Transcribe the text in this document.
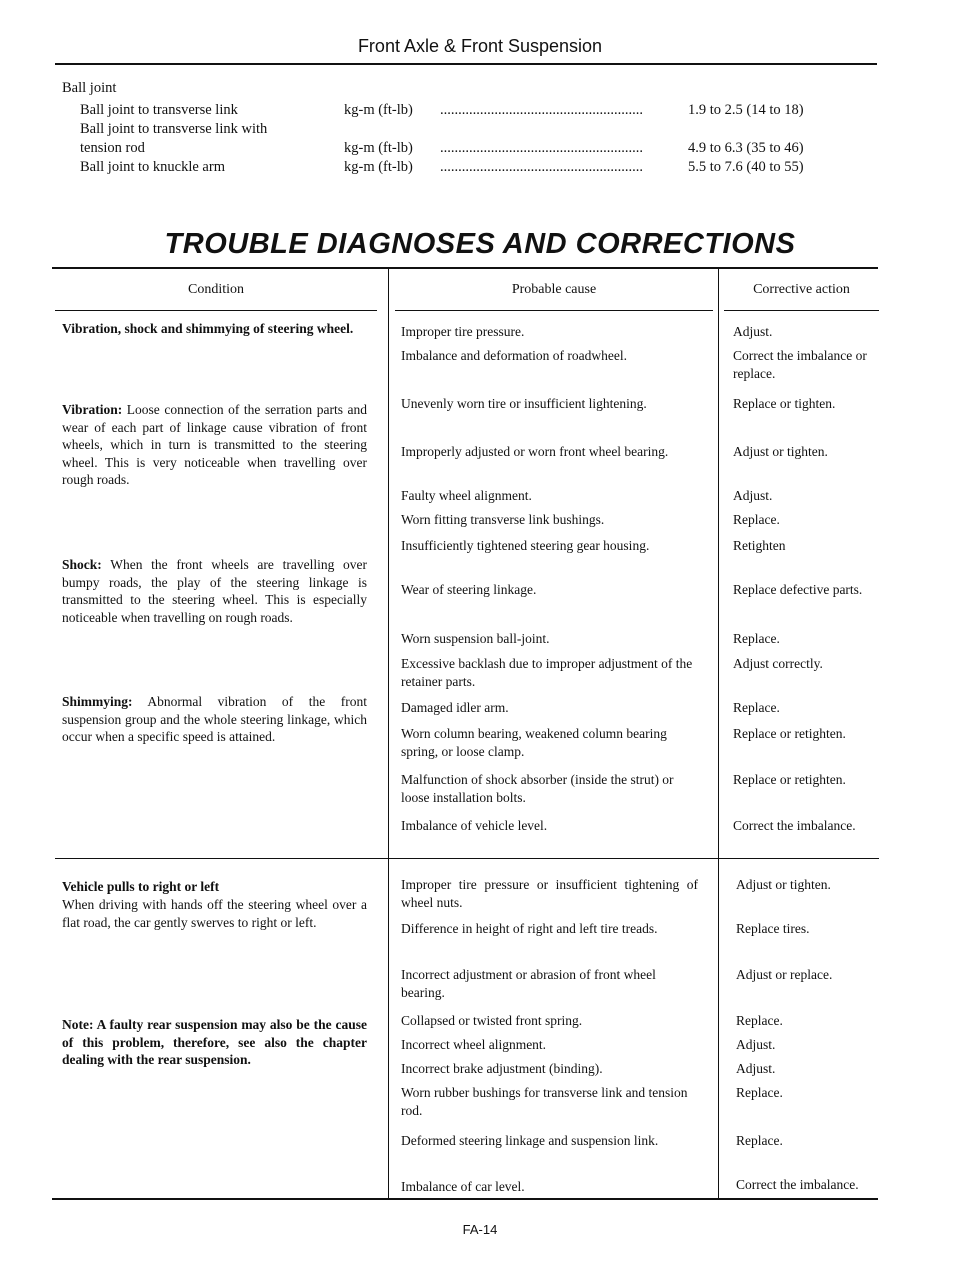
Front Axle & Front Suspension
Ball joint
Ball joint to transverse link
Ball joint to transverse link with
tension rod
Ball joint to knuckle arm
kg-m (ft-lb)
kg-m (ft-lb)
kg-m (ft-lb)
........................................................
........................................................
........................................................
1.9 to 2.5 (14 to 18)
4.9 to 6.3 (35 to 46)
5.5 to 7.6 (40 to 55)
TROUBLE DIAGNOSES AND CORRECTIONS
Condition	Probable cause	Corrective action
Vibration, shock and shimmying of steering wheel.
Vibration: Loose connection of the serration parts and wear of each part of linkage cause vibration of front wheels, which in turn is transmitted to the steering wheel. This is very noticeable when travelling over rough roads.
Shock: When the front wheels are travelling over bumpy roads, the play of the steering linkage is transmitted to the steering wheel. This is especially noticeable when travelling on rough roads.
Shimmying: Abnormal vibration of the front suspension group and the whole steering linkage, which occur when a specific speed is attained.
Improper tire pressure.
Imbalance and deformation of roadwheel.
Unevenly worn tire or insufficient lightening.
Improperly adjusted or worn front wheel bearing.
Faulty wheel alignment.
Worn fitting transverse link bushings.
Insufficiently tightened steering gear housing.
Wear of steering linkage.
Worn suspension ball-joint.
Excessive backlash due to improper adjustment of the retainer parts.
Damaged idler arm.
Worn column bearing, weakened column bearing spring, or loose clamp.
Malfunction of shock absorber (inside the strut) or loose installation bolts.
Imbalance of vehicle level.
Adjust.
Correct the imbalance or replace.
Replace or tighten.
Adjust or tighten.
Adjust.
Replace.
Retighten
Replace defective parts.
Replace.
Adjust correctly.
Replace.
Replace or retighten.
Replace or retighten.
Correct the imbalance.
Vehicle pulls to right or left
When driving with hands off the steering wheel over a flat road, the car gently swerves to right or left.
Note: A faulty rear suspension may also be the cause of this problem, therefore, see also the chapter dealing with the rear suspension.
Improper tire pressure or insufficient tightening of wheel nuts.
Difference in height of right and left tire treads.
Incorrect adjustment or abrasion of front wheel bearing.
Collapsed or twisted front spring.
Incorrect wheel alignment.
Incorrect brake adjustment (binding).
Worn rubber bushings for transverse link and tension rod.
Deformed steering linkage and suspension link.
Imbalance of car level.
Adjust or tighten.
Replace tires.
Adjust or replace.
Replace.
Adjust.
Adjust.
Replace.
Replace.
Correct the imbalance.
FA-14
